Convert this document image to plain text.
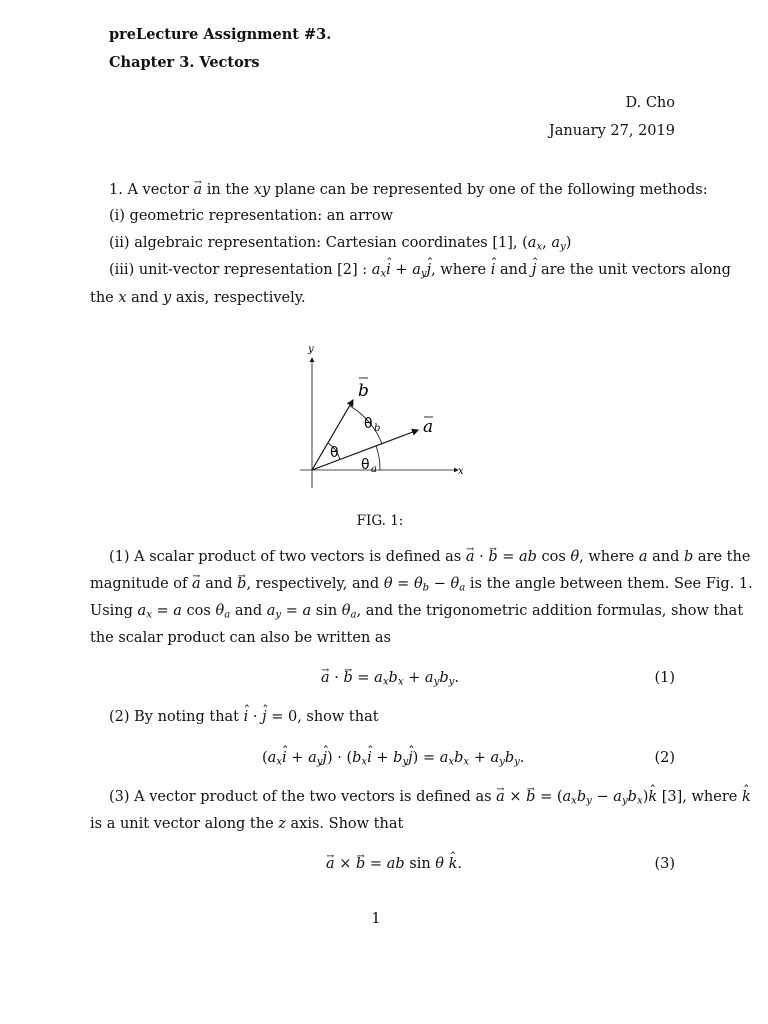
preLecture Assignment #3.
Chapter 3. Vectors
D. Cho
January 27, 2019
1. A vector → a in the xy plane can be represented by one of the following methods:
(i) geometric representation: an arrow
(ii) algebraic representation: Cartesian coordinates [1], ($a_x$, $a_y$)
(iii) unit-vector representation [2] : $a_xˆ$ $i + a_yˆ$ j, where ˆ i and ˆ j are the unit vectors along
the x and y axis, respectively.
y
x
b
a
θ
θ b
θ a
FIG. 1:
(1) A scalar product of two vectors is defined as → a · → b = ab cos θ, where a and b are the
magnitude of → a and → b, respectively, and $\theta = \theta_b - \theta_a$ is the angle between them. See Fig. 1.
Using $a_x = a$ $\cos \theta_a$ and $a_y = a$ $\sin \theta_a$, and the trigonometric addition formulas, show that
the scalar product can also be written as
→ a · → $b = a_xb_x + a_yb_y$.	(1)
(2) By noting that ˆ i · ˆ j = 0, show that
($a_xˆ$ $i + a_yˆ$ $j) \cdot (b_xˆ$ $i + b_yˆ$ $j) = a_xb_x + a_yb_y$.	(2)
(3) A vector product of the two vectors is defined as → a × → $b = (a_xb_y$ − $a_yb_x)ˆ$ k [3], where ˆ k
is a unit vector along the z axis. Show that
→ a × → b = ab sin θ ˆ k.	(3)
1
